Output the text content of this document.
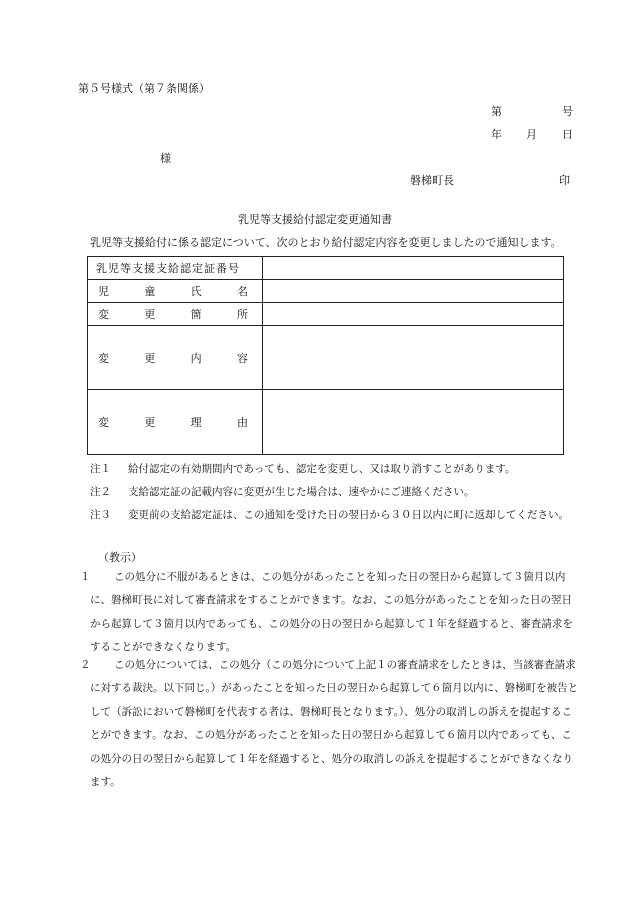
第５号様式（第７条関係）
第	号
年 月 日
様
磐梯町長	印
乳児等支援給付認定変更通知書
乳児等支援給付に係る認定について、次のとおり給付認定内容を変更しましたので通知します。
乳児等支援支給認定証番号	

児 童 氏 名	

変 更 箇 所	

変 更 内 容	

変 更 理 由	

注１ 給付認定の有効期間内であっても、認定を変更し、又は取り消すことがあります。
注２ 支給認定証の記載内容に変更が生じた場合は、速やかにご連絡ください。
注３ 変更前の支給認定証は、この通知を受けた日の翌日から３０日以内に町に返却してください。
（教示）
１	この処分に不服があるときは、この処分があったことを知った日の翌日から起算して３箇月以内に、磐梯町長に対して審査請求をすることができます。なお、この処分があったことを知った日の翌日から起算して３箇月以内であっても、この処分の日の翌日から起算して１年を経過すると、審査請求をすることができなくなります。
２	この処分については、この処分（この処分について上記１の審査請求をしたときは、当該審査請求に対する裁決。以下同じ。）があったことを知った日の翌日から起算して６箇月以内に、磐梯町を被告として（訴訟において磐梯町を代表する者は、磐梯町長となります。）、処分の取消しの訴えを提起することができます。なお、この処分があったことを知った日の翌日から起算して６箇月以内であっても、この処分の日の翌日から起算して１年を経過すると、処分の取消しの訴えを提起することができなくなります。
